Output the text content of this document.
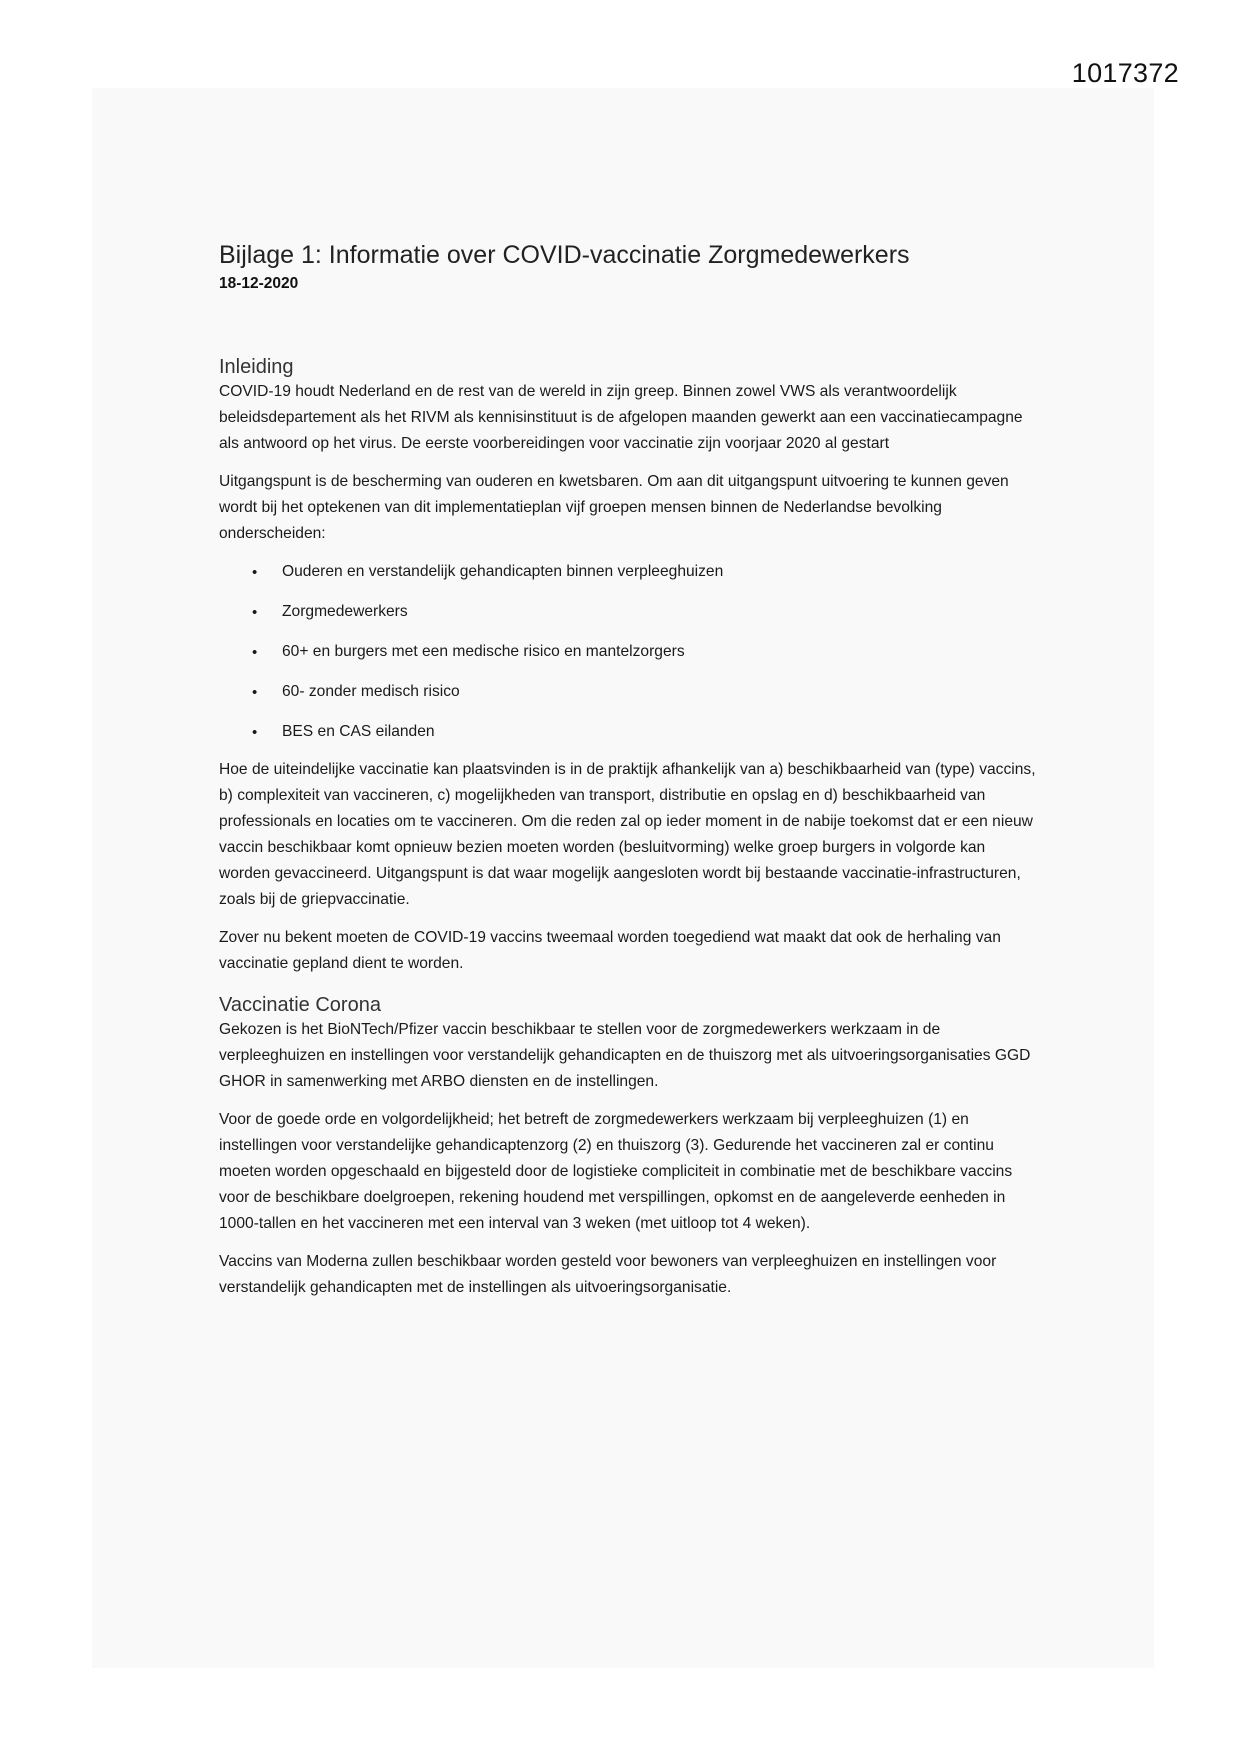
1017372
Bijlage 1: Informatie over COVID-vaccinatie Zorgmedewerkers
18-12-2020
Inleiding

COVID-19 houdt Nederland en de rest van de wereld in zijn greep. Binnen zowel VWS als verantwoordelijk beleidsdepartement als het RIVM als kennisinstituut is de afgelopen maanden gewerkt aan een vaccinatiecampagne als antwoord op het virus. De eerste voorbereidingen voor vaccinatie zijn voorjaar 2020 al gestart

Uitgangspunt is de bescherming van ouderen en kwetsbaren. Om aan dit uitgangspunt uitvoering te kunnen geven wordt bij het optekenen van dit implementatieplan vijf groepen mensen binnen de Nederlandse bevolking onderscheiden:

•	Ouderen en verstandelijk gehandicapten binnen verpleeghuizen
•	Zorgmedewerkers
•	60+ en burgers met een medische risico en mantelzorgers
•	60- zonder medisch risico
•	BES en CAS eilanden

Hoe de uiteindelijke vaccinatie kan plaatsvinden is in de praktijk afhankelijk van a) beschikbaarheid van (type) vaccins, b) complexiteit van vaccineren, c) mogelijkheden van transport, distributie en opslag en d) beschikbaarheid van professionals en locaties om te vaccineren. Om die reden zal op ieder moment in de nabije toekomst dat er een nieuw vaccin beschikbaar komt opnieuw bezien moeten worden (besluitvorming) welke groep burgers in volgorde kan worden gevaccineerd. Uitgangspunt is dat waar mogelijk aangesloten wordt bij bestaande vaccinatie-infrastructuren, zoals bij de griepvaccinatie.

Zover nu bekent moeten de COVID-19 vaccins tweemaal worden toegediend wat maakt dat ook de herhaling van vaccinatie gepland dient te worden.

Vaccinatie Corona

Gekozen is het BioNTech/Pfizer vaccin beschikbaar te stellen voor de zorgmedewerkers werkzaam in de verpleeghuizen en instellingen voor verstandelijk gehandicapten en de thuiszorg met als uitvoeringsorganisaties GGD GHOR in samenwerking met ARBO diensten en de instellingen.

Voor de goede orde en volgordelijkheid; het betreft de zorgmedewerkers werkzaam bij verpleeghuizen (1) en instellingen voor verstandelijke gehandicaptenzorg (2) en thuiszorg (3). Gedurende het vaccineren zal er continu moeten worden opgeschaald en bijgesteld door de logistieke compliciteit in combinatie met de beschikbare vaccins voor de beschikbare doelgroepen, rekening houdend met verspillingen, opkomst en de aangeleverde eenheden in 1000-tallen en het vaccineren met een interval van 3 weken (met uitloop tot 4 weken).

Vaccins van Moderna zullen beschikbaar worden gesteld voor bewoners van verpleeghuizen en instellingen voor verstandelijk gehandicapten met de instellingen als uitvoeringsorganisatie.
